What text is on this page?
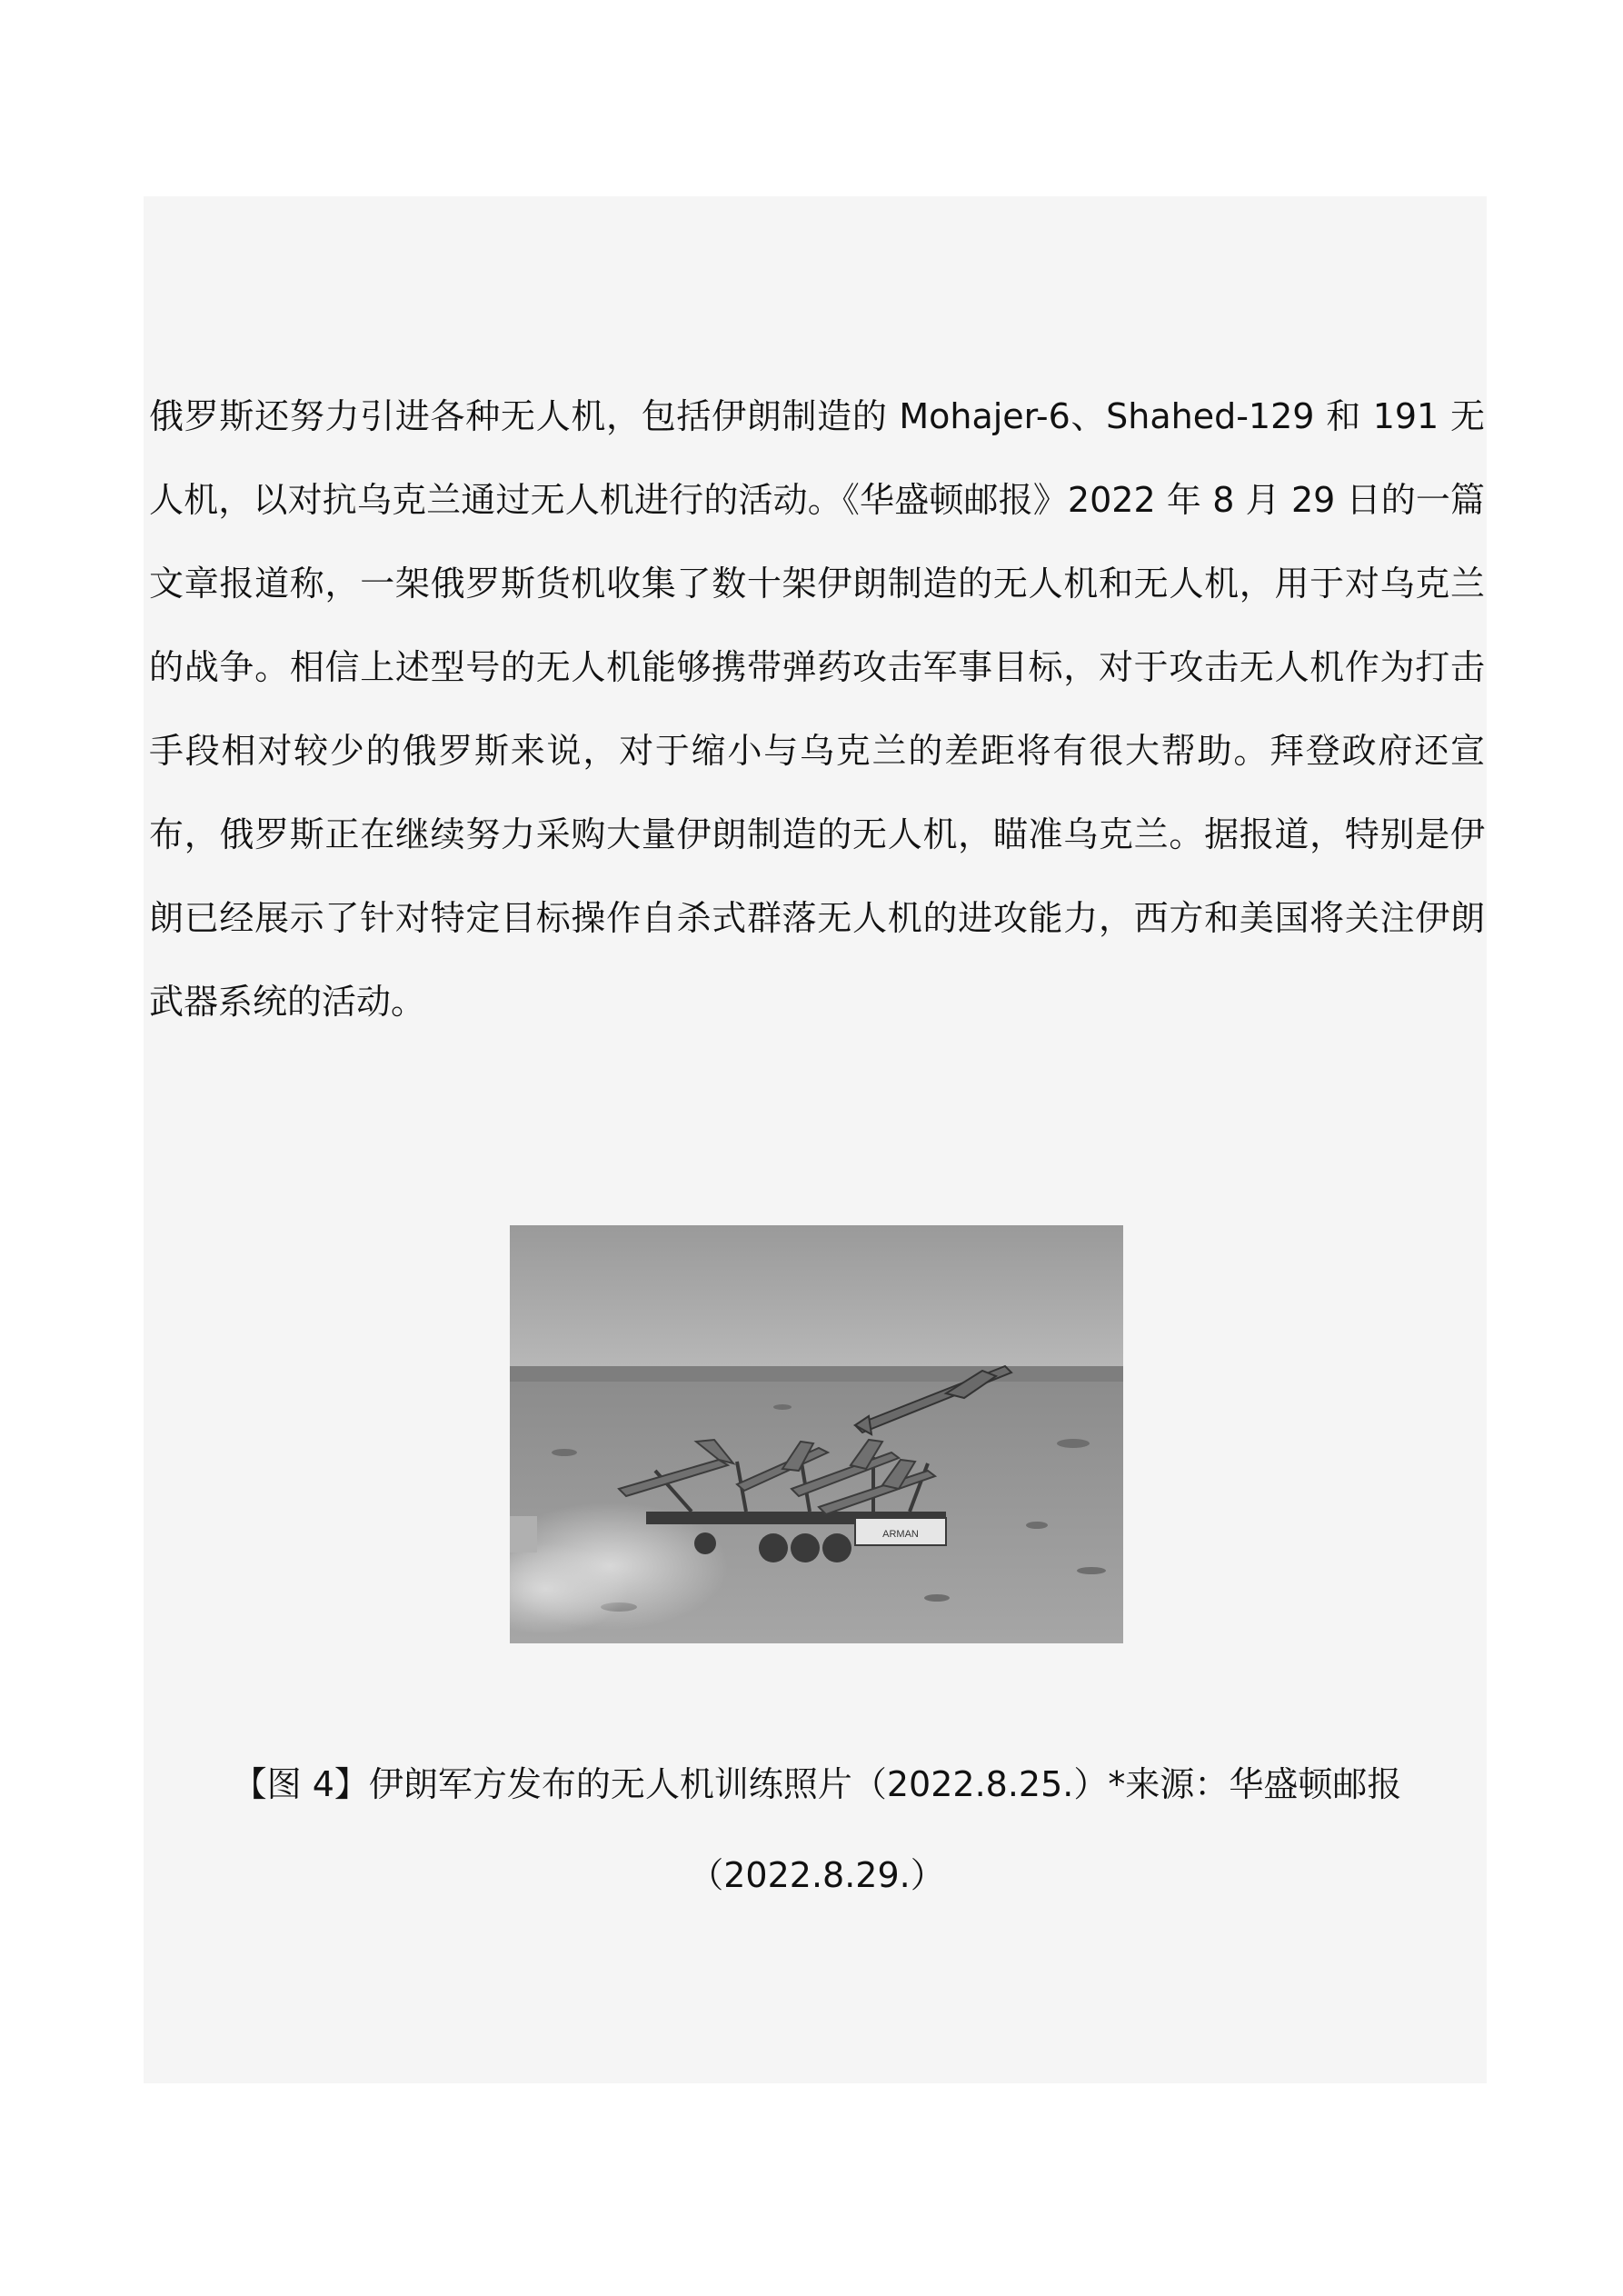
俄罗斯还努力引进各种无人机，包括伊朗制造的 Mohajer-6、Shahed-129 和 191 无人机，以对抗乌克兰通过无人机进行的活动。《华盛顿邮报》2022 年 8 月 29 日的一篇文章报道称，一架俄罗斯货机收集了数十架伊朗制造的无人机和无人机，用于对乌克兰的战争。相信上述型号的无人机能够携带弹药攻击军事目标，对于攻击无人机作为打击手段相对较少的俄罗斯来说，对于缩小与乌克兰的差距将有很大帮助。拜登政府还宣布，俄罗斯正在继续努力采购大量伊朗制造的无人机，瞄准乌克兰。据报道，特别是伊朗已经展示了针对特定目标操作自杀式群落无人机的进攻能力，西方和美国将关注伊朗武器系统的活动。

ARMAN

【图 4】伊朗军方发布的无人机训练照片（2022.8.25.）*来源：华盛顿邮报

（2022.8.29.）
